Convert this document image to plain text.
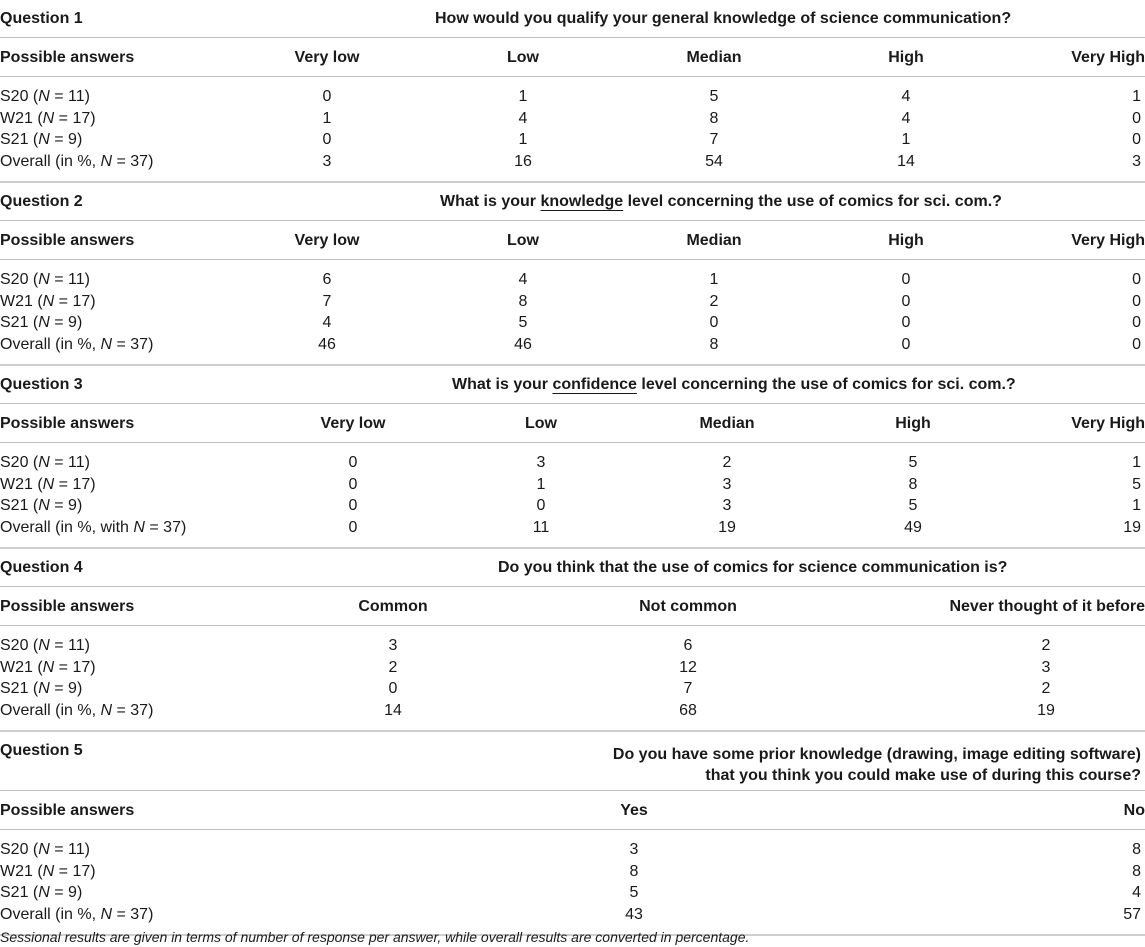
Question 1	How would you qualify your general knowledge of science communication?
Possible answers	Very low	Low	Median	High	Very High
S20 (N = 11)	0	1	5	4	1
W21 (N = 17)	1	4	8	4	0
S21 (N = 9)	0	1	7	1	0
Overall (in %, N = 37)	3	16	54	14	3
Question 2	What is your knowledge level concerning the use of comics for sci. com.?
Possible answers	Very low	Low	Median	High	Very High
S20 (N = 11)	6	4	1	0	0
W21 (N = 17)	7	8	2	0	0
S21 (N = 9)	4	5	0	0	0
Overall (in %, N = 37)	46	46	8	0	0
Question 3	What is your confidence level concerning the use of comics for sci. com.?
Possible answers	Very low	Low	Median	High	Very High
S20 (N = 11)	0	3	2	5	1
W21 (N = 17)	0	1	3	8	5
S21 (N = 9)	0	0	3	5	1
Overall (in %, with N = 37)	0	11	19	49	19
Question 4	Do you think that the use of comics for science communication is?
Possible answers	Common	Not common	Never thought of it before
S20 (N = 11)	3	6	2
W21 (N = 17)	2	12	3
S21 (N = 9)	0	7	2
Overall (in %, N = 37)	14	68	19
Question 5	Do you have some prior knowledge (drawing, image editing software)
that you think you could make use of during this course?
Possible answers	Yes	No
S20 (N = 11)	3	8
W21 (N = 17)	8	8
S21 (N = 9)	5	4
Overall (in %, N = 37)	43	57
Sessional results are given in terms of number of response per answer, while overall results are converted in percentage.
